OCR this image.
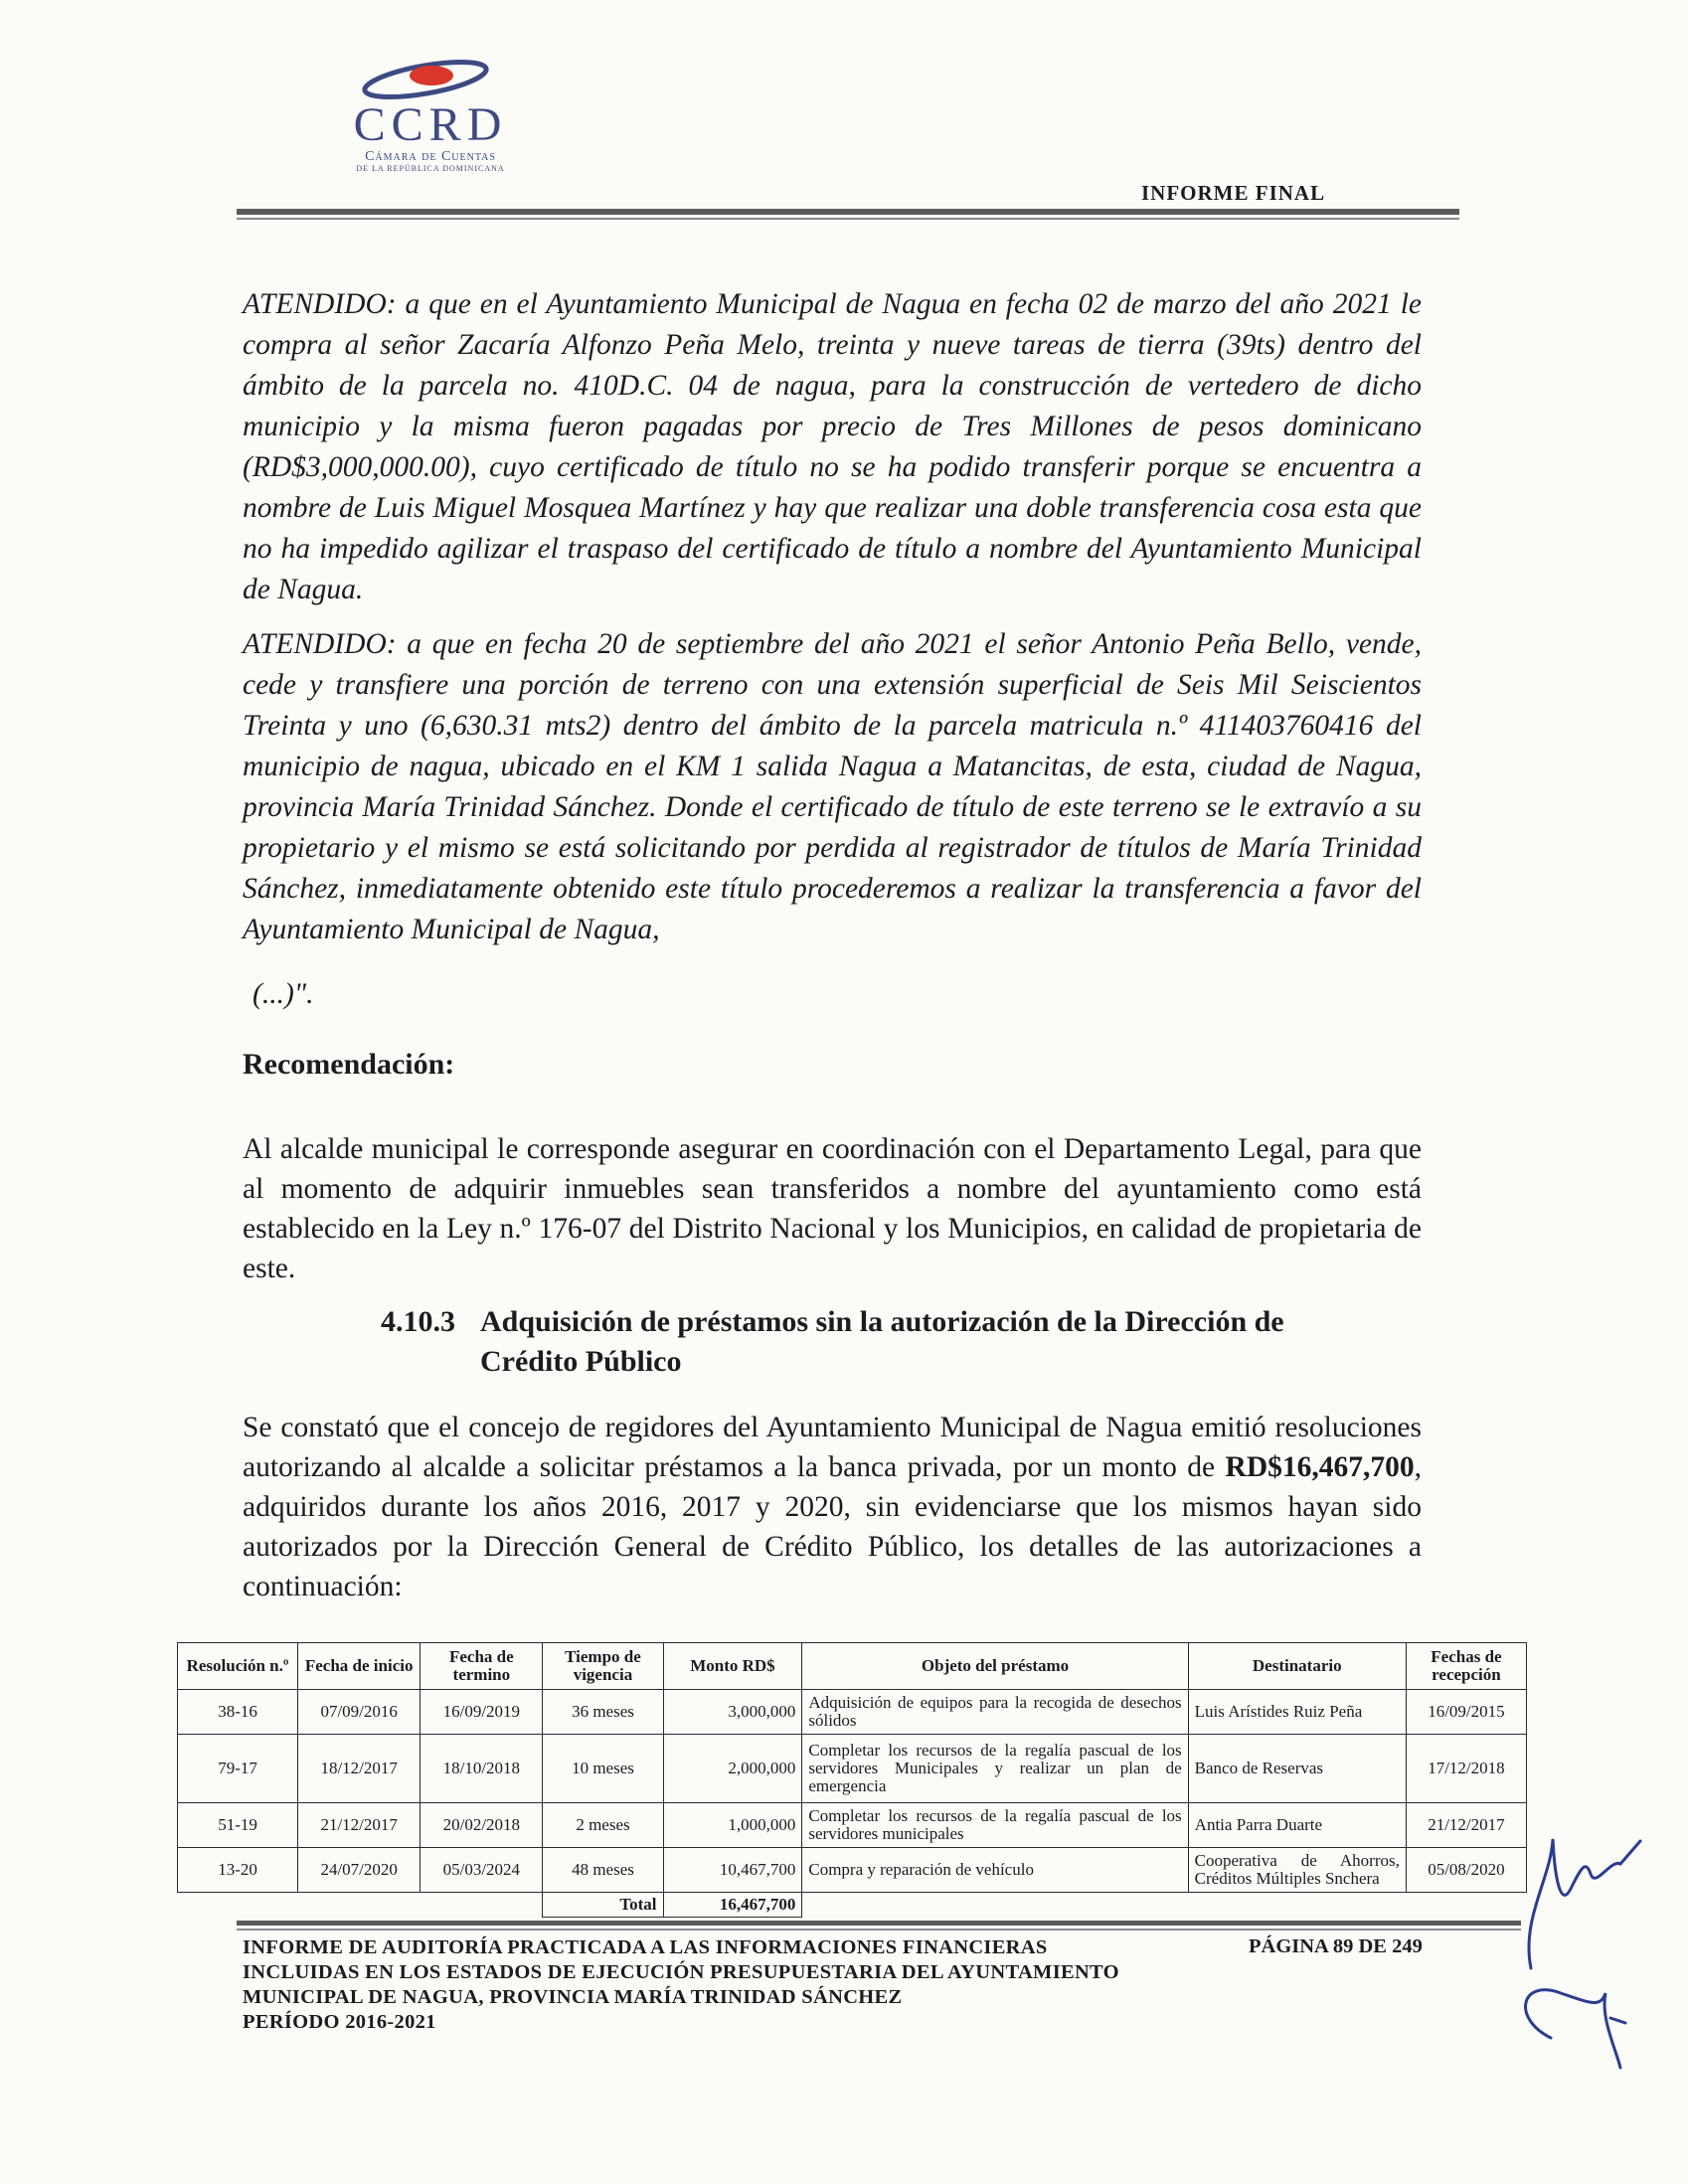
CCRD
Cámara de Cuentas
DE LA REPÚBLICA DOMINICANA
INFORME FINAL
ATENDIDO: a que en el Ayuntamiento Municipal de Nagua en fecha 02 de marzo del año 2021 le compra al señor Zacaría Alfonzo Peña Melo, treinta y nueve tareas de tierra (39ts) dentro del ámbito de la parcela no. 410D.C. 04 de nagua, para la construcción de vertedero de dicho municipio y la misma fueron pagadas por precio de Tres Millones de pesos dominicano (RD$3,000,000.00), cuyo certificado de título no se ha podido transferir porque se encuentra a nombre de Luis Miguel Mosquea Martínez y hay que realizar una doble transferencia cosa esta que no ha impedido agilizar el traspaso del certificado de título a nombre del Ayuntamiento Municipal de Nagua.
ATENDIDO: a que en fecha 20 de septiembre del año 2021 el señor Antonio Peña Bello, vende, cede y transfiere una porción de terreno con una extensión superficial de Seis Mil Seiscientos Treinta y uno (6,630.31 mts2) dentro del ámbito de la parcela matricula n.º 411403760416 del municipio de nagua, ubicado en el KM 1 salida Nagua a Matancitas, de esta, ciudad de Nagua, provincia María Trinidad Sánchez. Donde el certificado de título de este terreno se le extravío a su propietario y el mismo se está solicitando por perdida al registrador de títulos de María Trinidad Sánchez, inmediatamente obtenido este título procederemos a realizar la transferencia a favor del Ayuntamiento Municipal de Nagua,
(...)".
Recomendación:
Al alcalde municipal le corresponde asegurar en coordinación con el Departamento Legal, para que al momento de adquirir inmuebles sean transferidos a nombre del ayuntamiento como está establecido en la Ley n.º 176-07 del Distrito Nacional y los Municipios, en calidad de propietaria de este.
4.10.3 Adquisición de préstamos sin la autorización de la Dirección de
Crédito Público
Se constató que el concejo de regidores del Ayuntamiento Municipal de Nagua emitió resoluciones autorizando al alcalde a solicitar préstamos a la banca privada, por un monto de RD$16,467,700, adquiridos durante los años 2016, 2017 y 2020, sin evidenciarse que los mismos hayan sido autorizados por la Dirección General de Crédito Público, los detalles de las autorizaciones a continuación:
Resolución n.º	Fecha de inicio	Fecha de termino	Tiempo de vigencia	Monto RD$	Objeto del préstamo	Destinatario	Fechas de recepción
38-16	07/09/2016	16/09/2019	36 meses	3,000,000	Adquisición de equipos para la recogida de desechos sólidos	Luis Arístides Ruiz Peña	16/09/2015
79-17	18/12/2017	18/10/2018	10 meses	2,000,000	Completar los recursos de la regalía pascual de los servidores Municipales y realizar un plan de emergencia	Banco de Reservas	17/12/2018
51-19	21/12/2017	20/02/2018	2 meses	1,000,000	Completar los recursos de la regalía pascual de los servidores municipales	Antia Parra Duarte	21/12/2017
13-20	24/07/2020	05/03/2024	48 meses	10,467,700	Compra y reparación de vehículo	Cooperativa de Ahorros, Créditos Múltiples Snchera	05/08/2020
			Total	16,467,700			
INFORME DE AUDITORÍA PRACTICADA A LAS INFORMACIONES FINANCIERAS
INCLUIDAS EN LOS ESTADOS DE EJECUCIÓN PRESUPUESTARIA DEL AYUNTAMIENTO
MUNICIPAL DE NAGUA, PROVINCIA MARÍA TRINIDAD SÁNCHEZ
PERÍODO 2016-2021
PÁGINA 89 DE 249
